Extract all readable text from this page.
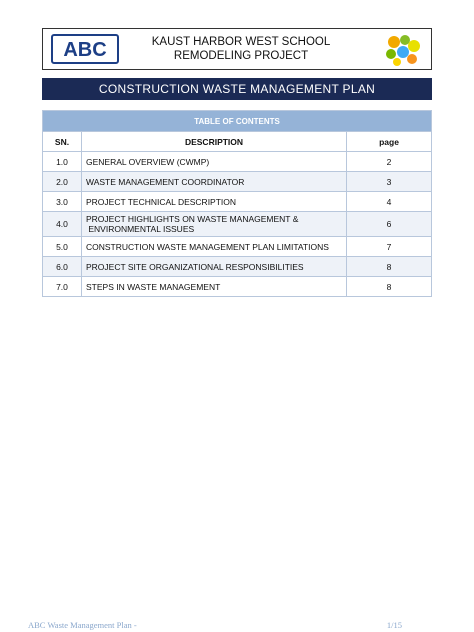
ABC	KAUST HARBOR WEST SCHOOL
REMODELING PROJECT
CONSTRUCTION WASTE MANAGEMENT PLAN
TABLE OF CONTENTS		
SN.	DESCRIPTION	page
1.0	GENERAL OVERVIEW (CWMP)	2
2.0	WASTE MANAGEMENT COORDINATOR	3
3.0	PROJECT TECHNICAL DESCRIPTION	4
4.0	PROJECT HIGHLIGHTS ON WASTE MANAGEMENT &
ENVIRONMENTAL ISSUES	6
5.0	CONSTRUCTION WASTE MANAGEMENT PLAN LIMITATIONS	7
6.0	PROJECT SITE ORGANIZATIONAL RESPONSIBILITIES	8
7.0	STEPS IN WASTE MANAGEMENT	8
ABC Waste Management Plan -	1/15
